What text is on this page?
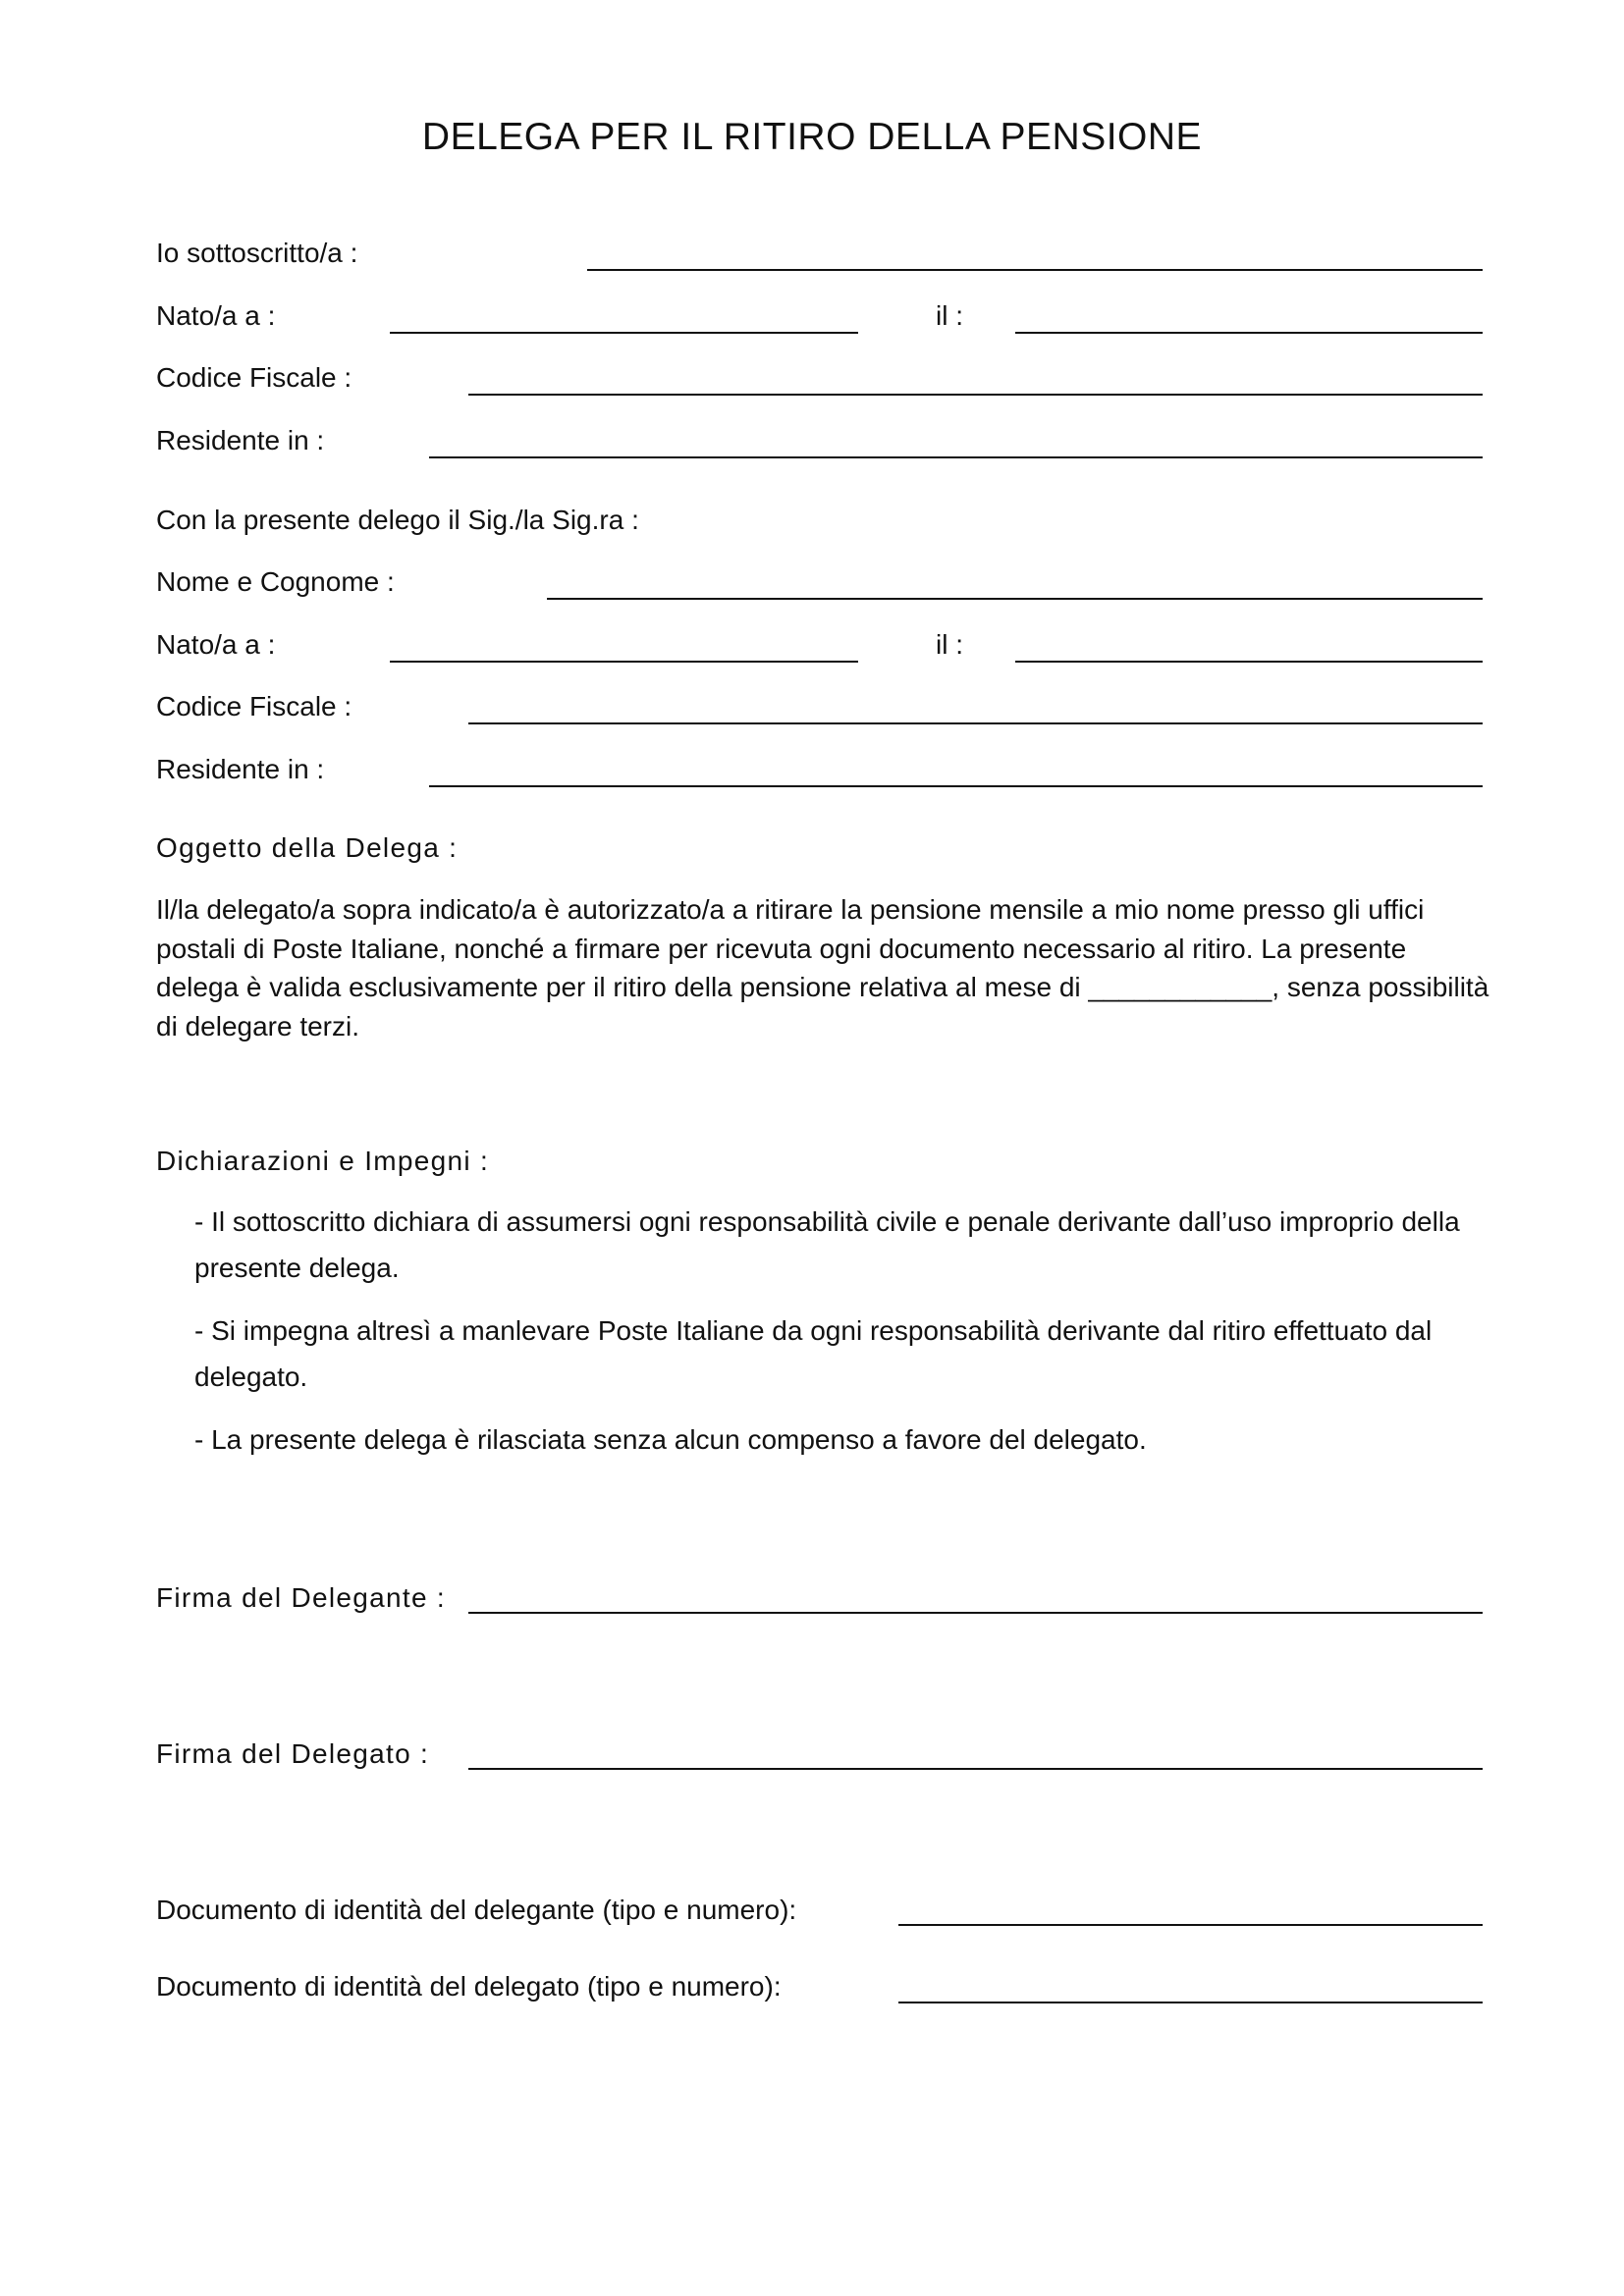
DELEGA PER IL RITIRO DELLA PENSIONE
Io sottoscritto/a :
Nato/a a :	il :
Codice Fiscale :
Residente in :
Con la presente delego il Sig./la Sig.ra :
Nome e Cognome :
Nato/a a :	il :
Codice Fiscale :
Residente in :
Oggetto della Delega :
Il/la delegato/a sopra indicato/a è autorizzato/a a ritirare la pensione mensile a mio nome presso gli uffici postali di Poste Italiane, nonché a firmare per ricevuta ogni documento necessario al ritiro. La presente delega è valida esclusivamente per il ritiro della pensione relativa al mese di ____________, senza possibilità di delegare terzi.
Dichiarazioni e Impegni :
- Il sottoscritto dichiara di assumersi ogni responsabilità civile e penale derivante dall’uso improprio della presente delega.
- Si impegna altresì a manlevare Poste Italiane da ogni responsabilità derivante dal ritiro effettuato dal delegato.
- La presente delega è rilasciata senza alcun compenso a favore del delegato.
Firma del Delegante :
Firma del Delegato :
Documento di identità del delegante (tipo e numero):
Documento di identità del delegato (tipo e numero):
